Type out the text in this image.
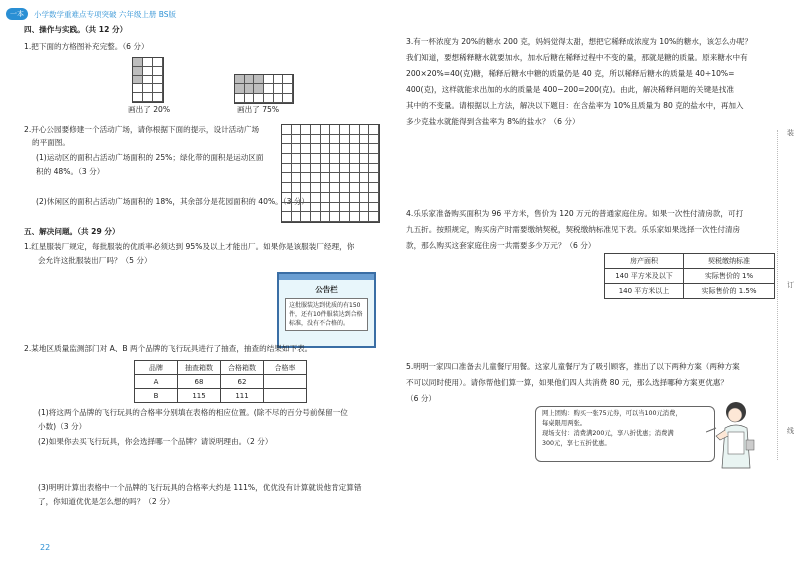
一本	小学数学重难点专项突破 六年级上册 BS版
四、操作与实践。（共 12 分）
1.把下面的方格图补充完整。（6 分）
画出了 20%	画出了 75%
2.开心公园要修建一个活动广场，请你根据下面的提示，设计活动广场
的平面图。
(1)运动区的面积占活动广场面积的 25%；绿化带的面积是运动区面
积的 48%。（3 分）
(2)休闲区的面积占活动广场面积的 18%，其余部分是花园面积的 40%。（3 分）
五、解决问题。（共 29 分）
1.红星服装厂规定，每批服装的优质率必须达到 95%及以上才能出厂。如果你是该服装厂经理，你
会允许这批服装出厂吗？（5 分）
公告栏
这批服装达到优质的有150件，还有10件服装达到合格标准，没有不合格的。
2.某地区质量监测部门对 A、B 两个品牌的飞行玩具进行了抽查，抽查的结果如下表。
品牌	抽查箱数	合格箱数	合格率
A	68	62	
B	115	111	
(1)将这两个品牌的飞行玩具的合格率分别填在表格的相应位置。(除不尽的百分号前保留一位
小数)（3 分）
(2)如果你去买飞行玩具，你会选择哪一个品牌？请说明理由。（2 分）
(3)明明计算出表格中一个品牌的飞行玩具的合格率大约是 111%，优优没有计算就说他肯定算错
了，你知道优优是怎么想的吗？（2 分）
22
3.有一杯浓度为 20%的糖水 200 克，妈妈觉得太甜，想把它稀释成浓度为 10%的糖水，该怎么办呢？
我们知道，要想稀释糖水就要加水，加水后糖在稀释过程中不变的量，那就是糖的质量。原来糖水中有
200×20%=40(克)糖，稀释后糖水中糖的质量仍是 40 克，所以稀释后糖水的质量是 40÷10%=
400(克)，这样就能求出加的水的质量是 400−200=200(克)。由此，解决稀释问题的关键是找准
其中的不变量。请根据以上方法，解决以下题目：在含盐率为 10%且质量为 80 克的盐水中，再加入
多少克盐水就能得到含盐率为 8%的盐水？（6 分）
4.乐乐家准备购买面积为 96 平方米，售价为 120 万元的普通家庭住房。如果一次性付清房款，可打
九五折。按照规定，购买房产时需要缴纳契税，契税缴纳标准见下表。乐乐家如果选择一次性付清房
款，那么购买这套家庭住房一共需要多少万元？（6 分）
房产面积	契税缴纳标准
140 平方米及以下	实际售价的 1%
140 平方米以上	实际售价的 1.5%
5.明明一家四口准备去儿童餐厅用餐。这家儿童餐厅为了吸引顾客，推出了以下两种方案（两种方案
不可以同时使用）。请你帮他们算一算，如果他们四人共消费 80 元，那么选择哪种方案更优惠？
（6 分）
网上团购：购买一张75元券，可以当100元消费，
每桌限用两张。
现场支付：消费满200元，享八折优惠；消费满
300元，享七五折优惠。
装
订
线
